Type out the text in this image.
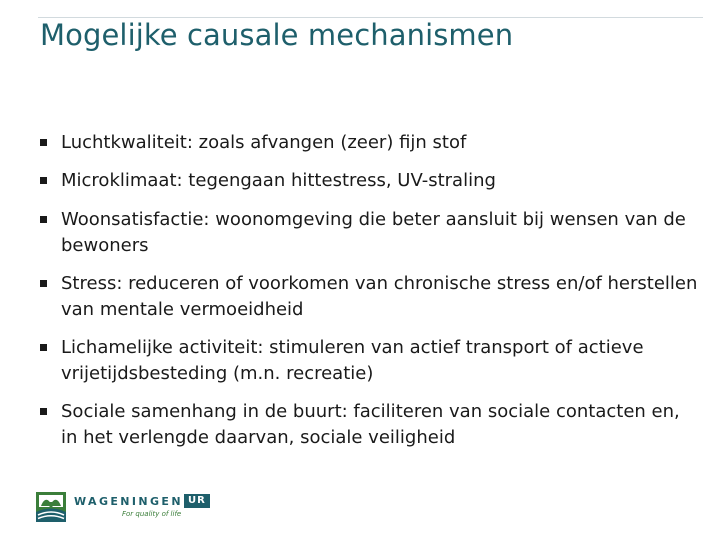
Mogelijke causale mechanismen
Luchtkwaliteit: zoals afvangen (zeer) fijn stof
Microklimaat: tegengaan hittestress, UV-straling
Woonsatisfactie: woonomgeving die beter aansluit bij wensen van de bewoners
Stress: reduceren of voorkomen van chronische stress en/of herstellen van mentale vermoeidheid
Lichamelijke activiteit: stimuleren van actief transport of actieve vrijetijdsbesteding (m.n. recreatie)
Sociale samenhang in de buurt: faciliteren van sociale contacten en, in het verlengde daarvan, sociale veiligheid
WAGENINGEN UR
For quality of life
